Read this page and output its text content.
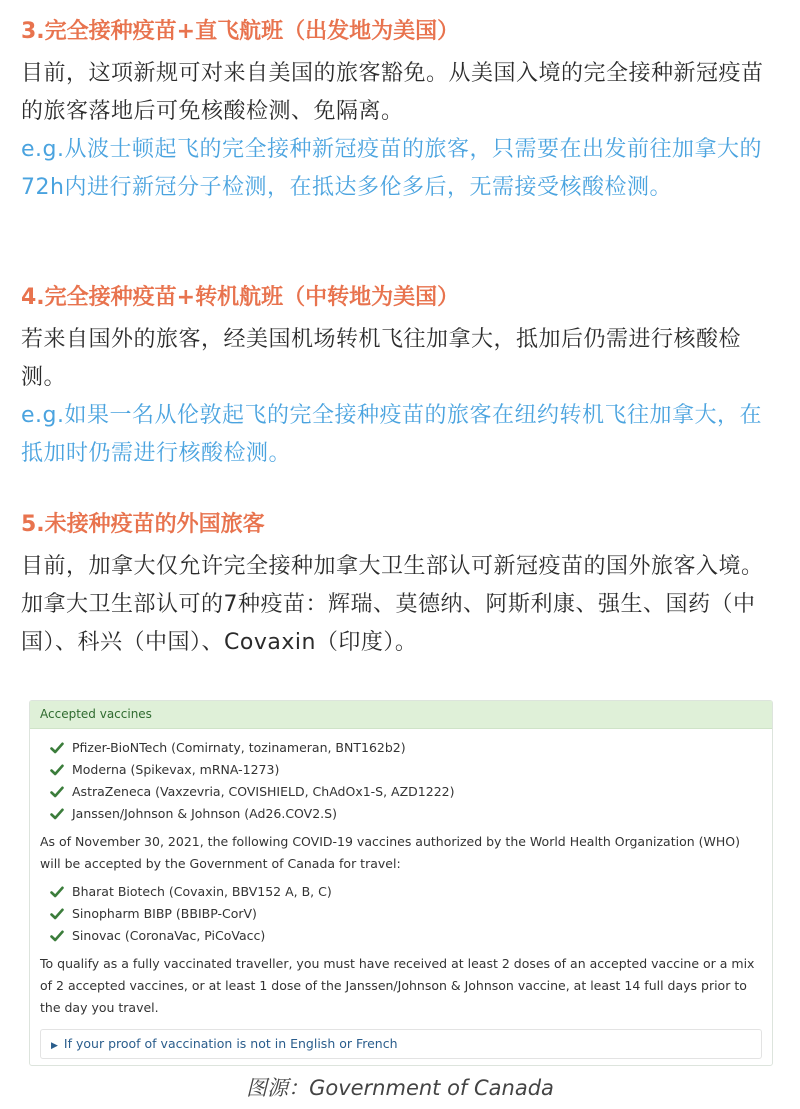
3.完全接种疫苗+直飞航班（出发地为美国）

目前，这项新规可对来自美国的旅客豁免。从美国入境的完全接种新冠疫苗的旅客落地后可免核酸检测、免隔离。

e.g.从波士顿起飞的完全接种新冠疫苗的旅客，只需要在出发前往加拿大的72h内进行新冠分子检测，在抵达多伦多后，无需接受核酸检测。

4.完全接种疫苗+转机航班（中转地为美国）

若来自国外的旅客，经美国机场转机飞往加拿大，抵加后仍需进行核酸检测。

e.g.如果一名从伦敦起飞的完全接种疫苗的旅客在纽约转机飞往加拿大，在抵加时仍需进行核酸检测。

5.未接种疫苗的外国旅客

目前，加拿大仅允许完全接种加拿大卫生部认可新冠疫苗的国外旅客入境。

加拿大卫生部认可的7种疫苗：辉瑞、莫德纳、阿斯利康、强生、国药（中国）、科兴（中国）、Covaxin（印度）。

Accepted vaccines
Pfizer-BioNTech (Comirnaty, tozinameran, BNT162b2)
Moderna (Spikevax, mRNA-1273)
AstraZeneca (Vaxzevria, COVISHIELD, ChAdOx1-S, AZD1222)
Janssen/Johnson & Johnson (Ad26.COV2.S)

As of November 30, 2021, the following COVID-19 vaccines authorized by the World Health Organization (WHO) will be accepted by the Government of Canada for travel:

Bharat Biotech (Covaxin, BBV152 A, B, C)
Sinopharm BIBP (BBIBP-CorV)
Sinovac (CoronaVac, PiCoVacc)

To qualify as a fully vaccinated traveller, you must have received at least 2 doses of an accepted vaccine or a mix of 2 accepted vaccines, or at least 1 dose of the Janssen/Johnson & Johnson vaccine, at least 14 full days prior to the day you travel.

▶ If your proof of vaccination is not in English or French
图源：Government of Canada
